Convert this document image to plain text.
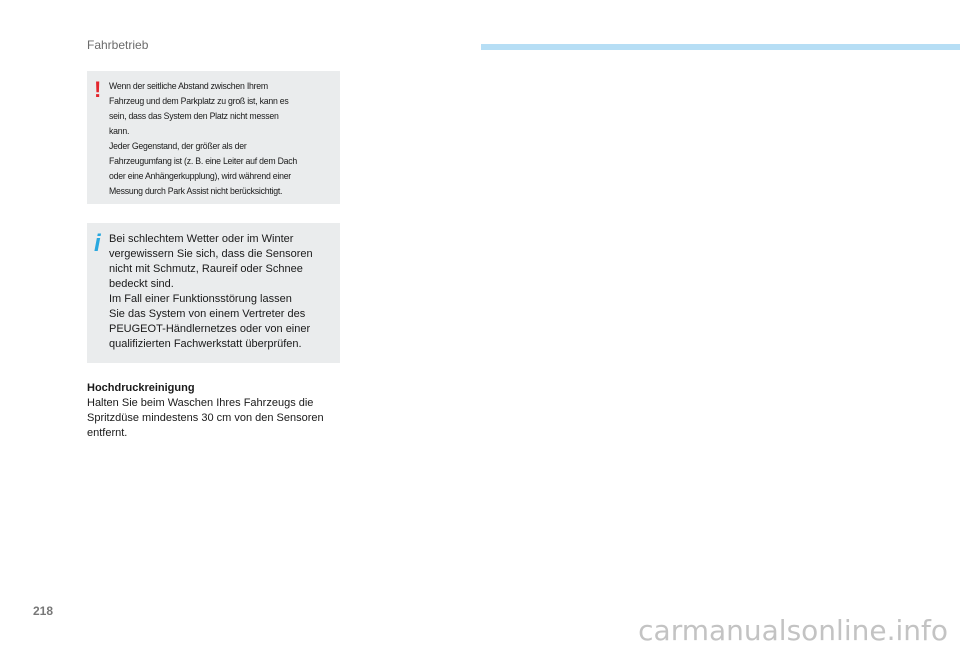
Fahrbetrieb
! Wenn der seitliche Abstand zwischen Ihrem

Fahrzeug und dem Parkplatz zu groß ist, kann es

sein, dass das System den Platz nicht messen

kann.

Jeder Gegenstand, der größer als der

Fahrzeugumfang ist (z. B. eine Leiter auf dem Dach

oder eine Anhängerkupplung), wird während einer

Messung durch Park Assist nicht berücksichtigt.

i Bei schlechtem Wetter oder im Winter

vergewissern Sie sich, dass die Sensoren

nicht mit Schmutz, Raureif oder Schnee

bedeckt sind.

Im Fall einer Funktionsstörung lassen

Sie das System von einem Vertreter des

PEUGEOT-Händlernetzes oder von einer

qualifizierten Fachwerkstatt überprüfen.

Hochdruckreinigung
Halten Sie beim Waschen Ihres Fahrzeugs die
Spritzdüse mindestens 30 cm von den Sensoren
entfernt.
218
carmanualsonline.info
